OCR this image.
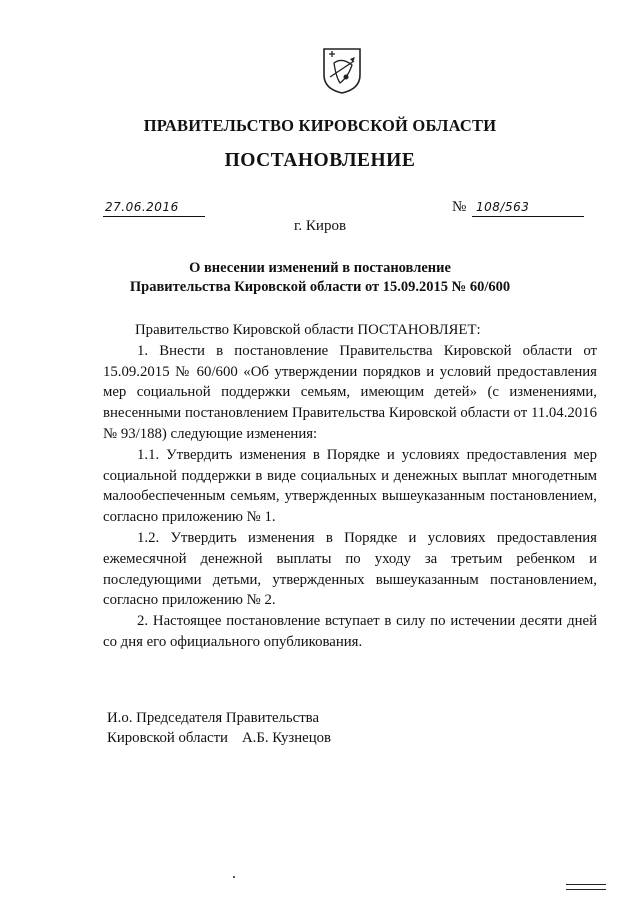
ПРАВИТЕЛЬСТВО КИРОВСКОЙ ОБЛАСТИ
ПОСТАНОВЛЕНИЕ
27.06.2016	№ 108/563
г. Киров
О внесении изменений в постановление
Правительства Кировской области от 15.09.2015 № 60/600

Правительство Кировской области ПОСТАНОВЛЯЕТ:

1. Внести в постановление Правительства Кировской области от 15.09.2015 № 60/600 «Об утверждении порядков и условий предоставления мер социальной поддержки семьям, имеющим детей» (с изменениями, внесенными постановлением Правительства Кировской области от 11.04.2016 № 93/188) следующие изменения:

1.1. Утвердить изменения в Порядке и условиях предоставления мер социальной поддержки в виде социальных и денежных выплат многодетным малообеспеченным семьям, утвержденных вышеуказанным постановлением, согласно приложению № 1.

1.2. Утвердить изменения в Порядке и условиях предоставления ежемесячной денежной выплаты по уходу за третьим ребенком и последующими детьми, утвержденных вышеуказанным постановлением, согласно приложению № 2.

2. Настоящее постановление вступает в силу по истечении десяти дней со дня его официального опубликования.

И.о. Председателя Правительства
Кировской области А.Б. Кузнецов
